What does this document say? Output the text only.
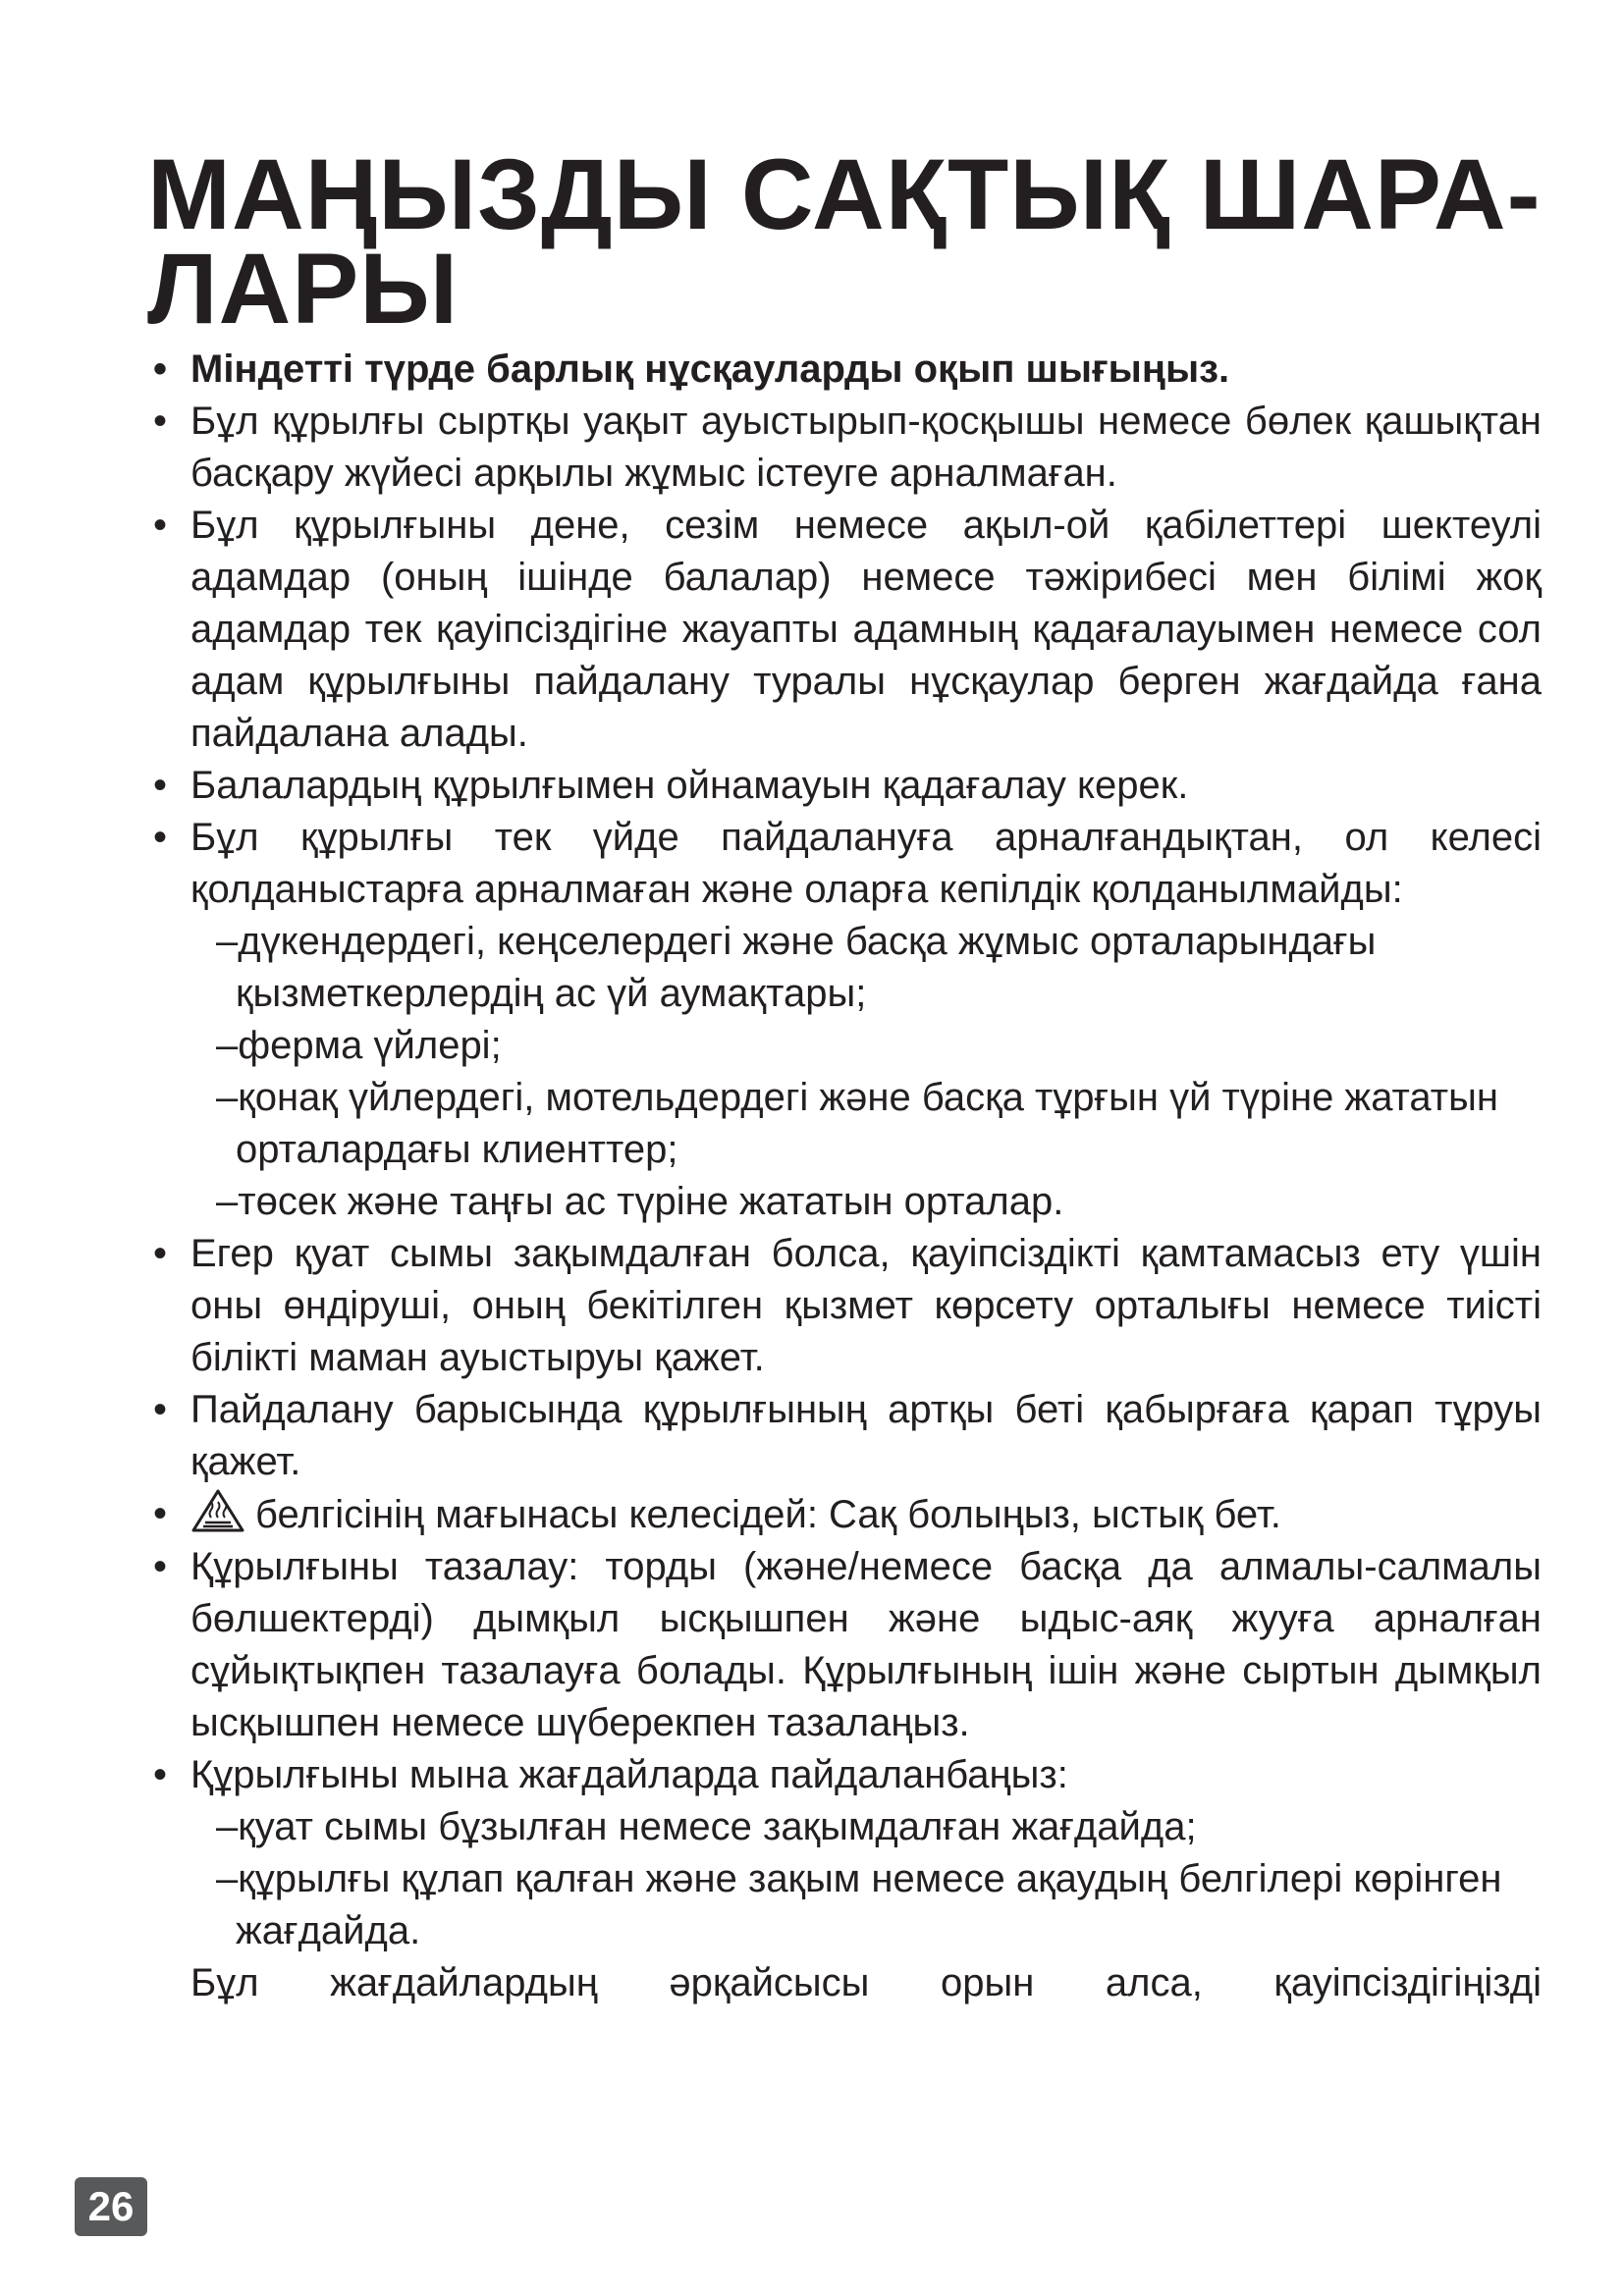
МАҢЫЗДЫ САҚТЫҚ ШАРА-
ЛАРЫ
• Міндетті түрде барлық нұсқауларды оқып шығыңыз.
• Бұл құрылғы сыртқы уақыт ауыстырып-қосқышы немесе бөлек қашықтан басқару жүйесі арқылы жұмыс істеуге арналмаған.
• Бұл құрылғыны дене, сезім немесе ақыл-ой қабілеттері шектеулі адамдар (оның ішінде балалар) немесе тәжірибесі мен білімі жоқ адамдар тек қауіпсіздігіне жауапты адамның қадағалауымен немесе сол адам құрылғыны пайдалану туралы нұсқаулар берген жағдайда ғана пайдалана алады.
• Балалардың құрылғымен ойнамауын қадағалау керек.
• Бұл құрылғы тек үйде пайдалануға арналғандықтан, ол келесі қолданыстарға арналмаған және оларға кепілдік қолданылмайды:
–дүкендердегі, кеңселердегі және басқа жұмыс орталарындағы қызметкерлердің ас үй аумақтары;
–ферма үйлері;
–қонақ үйлердегі, мотельдердегі және басқа тұрғын үй түріне жататын орталардағы клиенттер;
–төсек және таңғы ас түріне жататын орталар.
• Егер қуат сымы зақымдалған болса, қауіпсіздікті қамтамасыз ету үшін оны өндіруші, оның бекітілген қызмет көрсету орталығы немесе тиісті білікті маман ауыстыруы қажет.
• Пайдалану барысында құрылғының артқы беті қабырғаға қарап тұруы қажет.
• белгісінің мағынасы келесідей: Сақ болыңыз, ыстық бет.
• Құрылғыны тазалау: торды (және/немесе басқа да алмалы-салмалы бөлшектерді) дымқыл ысқышпен және ыдыс-аяқ жууға арналған сұйықтықпен тазалауға болады. Құрылғының ішін және сыртын дымқыл ысқышпен немесе шүберекпен тазалаңыз.
• Құрылғыны мына жағдайларда пайдаланбаңыз:
–қуат сымы бұзылған немесе зақымдалған жағдайда;
–құрылғы құлап қалған және зақым немесе ақаудың белгілері көрінген жағдайда.
Бұл жағдайлардың әрқайсысы орын алса, қауіпсіздігіңізді
26
